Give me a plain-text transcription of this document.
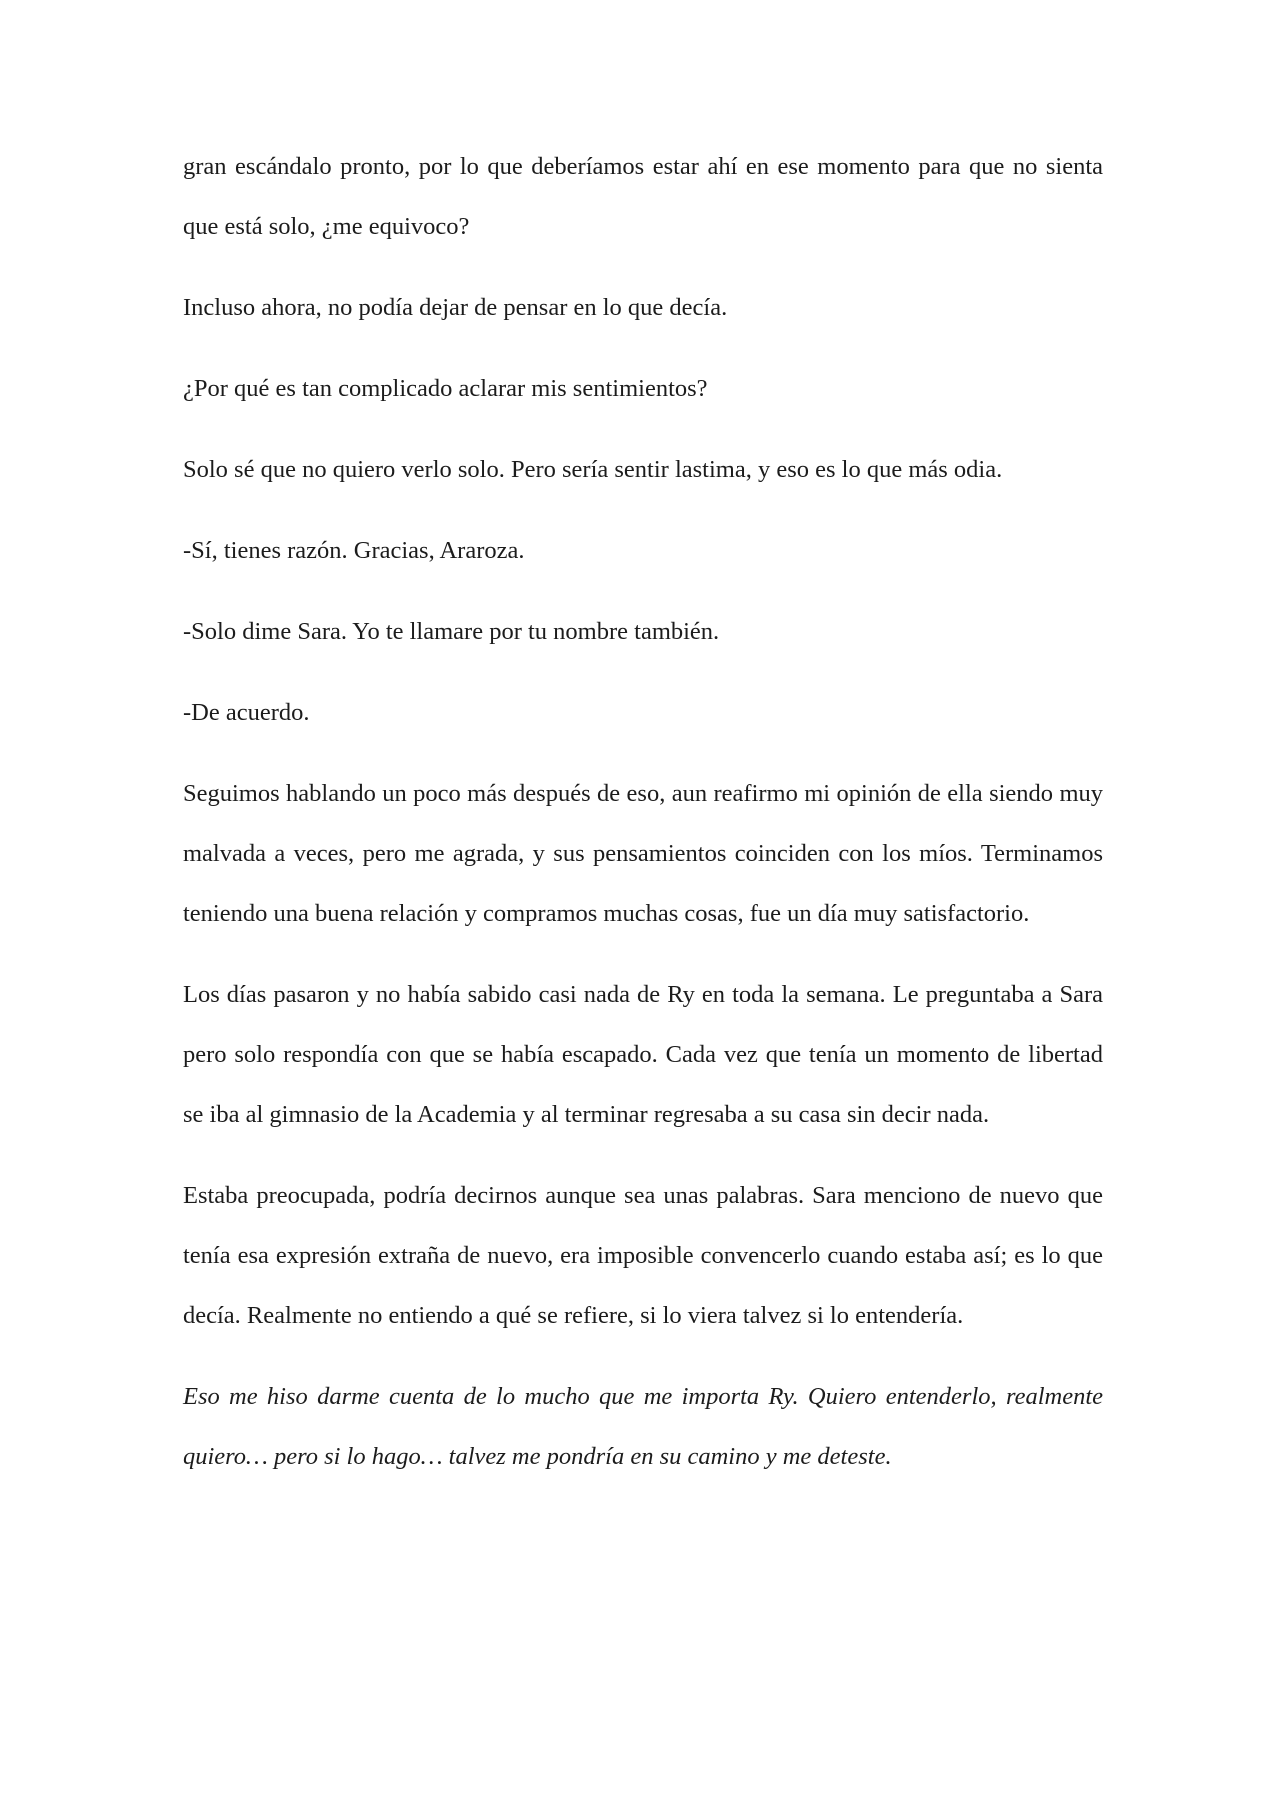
gran escándalo pronto, por lo que deberíamos estar ahí en ese momento para que no sienta que está solo, ¿me equivoco?

Incluso ahora, no podía dejar de pensar en lo que decía.

¿Por qué es tan complicado aclarar mis sentimientos?

Solo sé que no quiero verlo solo. Pero sería sentir lastima, y eso es lo que más odia.

-Sí, tienes razón. Gracias, Araroza.

-Solo dime Sara. Yo te llamare por tu nombre también.

-De acuerdo.

Seguimos hablando un poco más después de eso, aun reafirmo mi opinión de ella siendo muy malvada a veces, pero me agrada, y sus pensamientos coinciden con los míos. Terminamos teniendo una buena relación y compramos muchas cosas, fue un día muy satisfactorio.

Los días pasaron y no había sabido casi nada de Ry en toda la semana. Le preguntaba a Sara pero solo respondía con que se había escapado. Cada vez que tenía un momento de libertad se iba al gimnasio de la Academia y al terminar regresaba a su casa sin decir nada.

Estaba preocupada, podría decirnos aunque sea unas palabras. Sara menciono de nuevo que tenía esa expresión extraña de nuevo, era imposible convencerlo cuando estaba así; es lo que decía. Realmente no entiendo a qué se refiere, si lo viera talvez si lo entendería.

Eso me hiso darme cuenta de lo mucho que me importa Ry. Quiero entenderlo, realmente quiero… pero si lo hago… talvez me pondría en su camino y me deteste.
